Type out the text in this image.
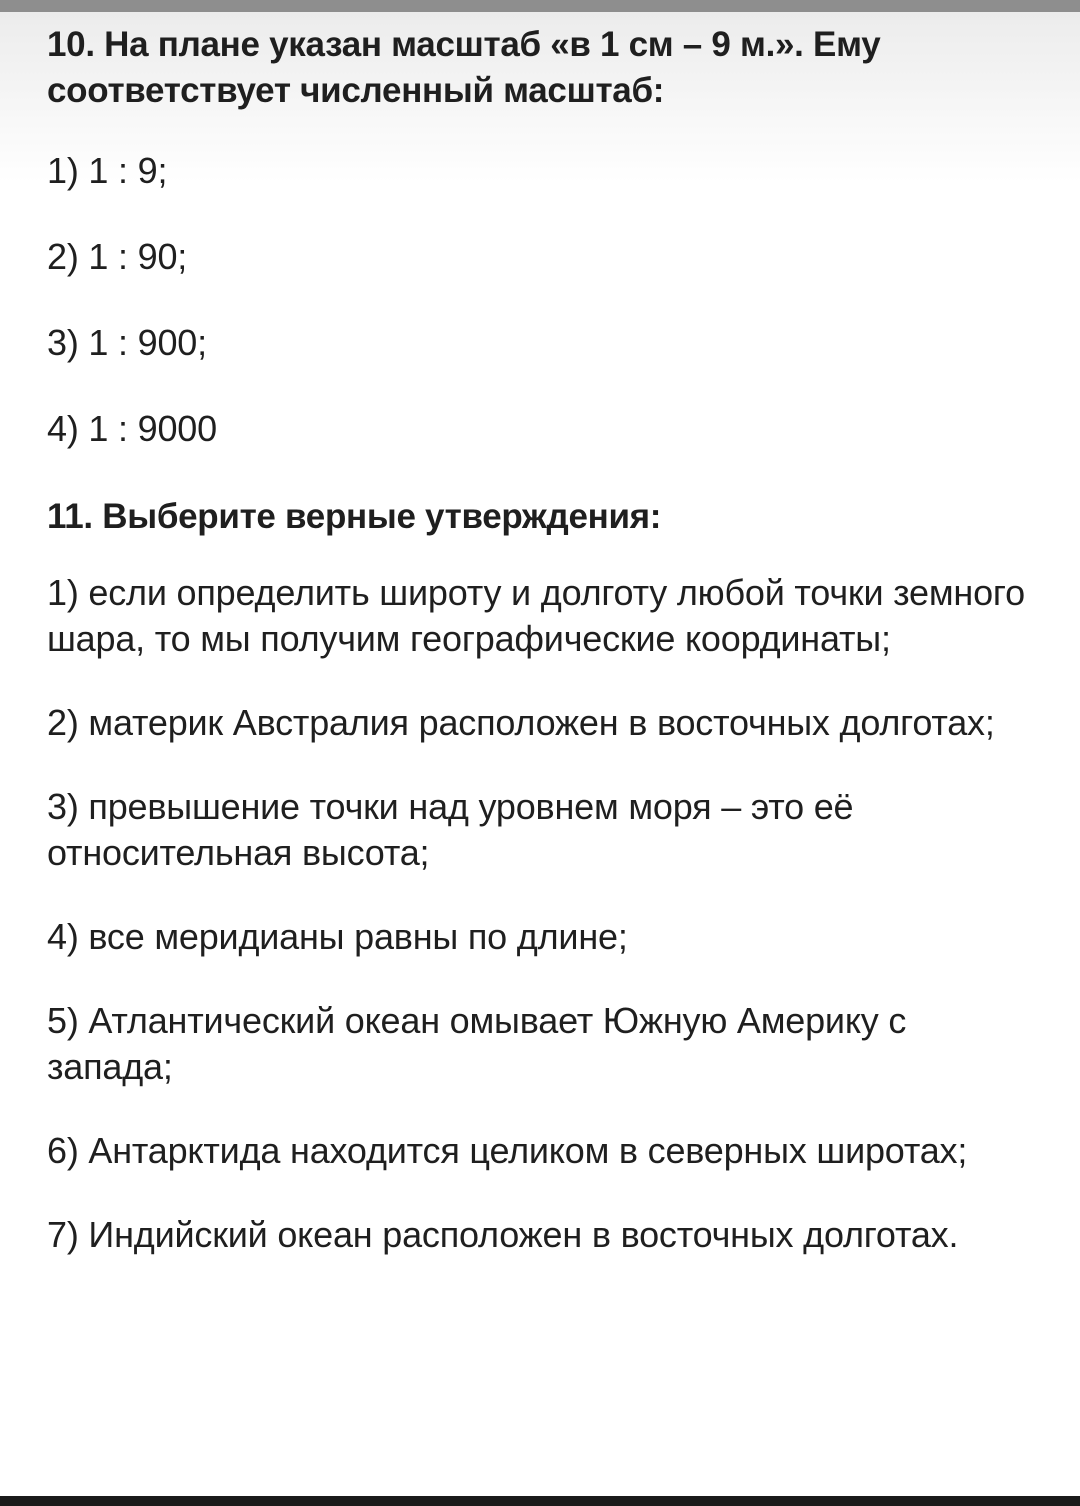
10. На плане указан масштаб «в 1 см – 9 м.». Ему соответствует численный масштаб:

1) 1 : 9;

2) 1 : 90;

3) 1 : 900;

4) 1 : 9000

11. Выберите верные утверждения:

1) если определить широту и долготу любой точки земного шара, то мы получим географические координаты;

2) материк Австралия расположен в восточных долготах;

3) превышение точки над уровнем моря – это её относительная высота;

4) все меридианы равны по длине;

5) Атлантический океан омывает Южную Америку с запада;

6) Антарктида находится целиком в северных широтах;

7) Индийский океан расположен в восточных долготах.
